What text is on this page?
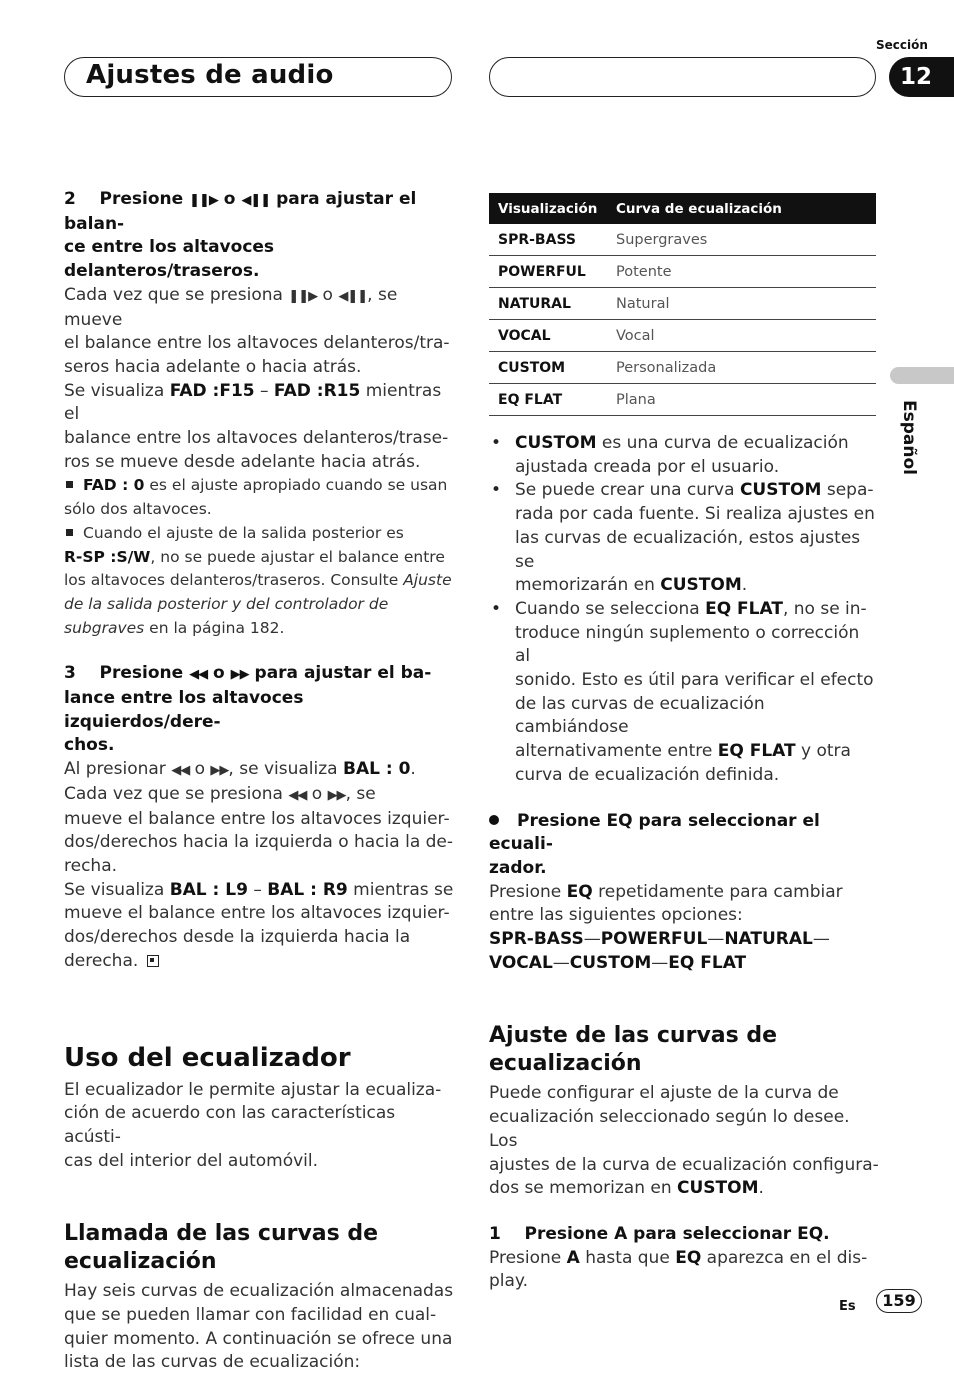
Sección
Ajustes de audio	12
Español
2    Presione ❚❚▶ o ◀❚❚ para ajustar el balan-
ce entre los altavoces delanteros/traseros.
Cada vez que se presiona ❚❚▶ o ◀❚❚, se mueve
el balance entre los altavoces delanteros/tra-
seros hacia adelante o hacia atrás.
Se visualiza FAD :F15 – FAD :R15 mientras el
balance entre los altavoces delanteros/trase-
ros se mueve desde adelante hacia atrás.
FAD : 0 es el ajuste apropiado cuando se usan
sólo dos altavoces.
Cuando el ajuste de la salida posterior es
R-SP :S/W, no se puede ajustar el balance entre
los altavoces delanteros/traseros. Consulte Ajuste
de la salida posterior y del controlador de
subgraves en la página 182.
3    Presione ◀◀ o ▶▶ para ajustar el ba-
lance entre los altavoces izquierdos/dere-
chos.
Al presionar ◀◀ o ▶▶, se visualiza BAL : 0.
Cada vez que se presiona ◀◀ o ▶▶, se
mueve el balance entre los altavoces izquier-
dos/derechos hacia la izquierda o hacia la de-
recha.
Se visualiza BAL : L9 – BAL : R9 mientras se
mueve el balance entre los altavoces izquier-
dos/derechos desde la izquierda hacia la
derecha.
Uso del ecualizador
El ecualizador le permite ajustar la ecualiza-
ción de acuerdo con las características acústi-
cas del interior del automóvil.
Llamada de las curvas de
ecualización
Hay seis curvas de ecualización almacenadas
que se pueden llamar con facilidad en cual-
quier momento. A continuación se ofrece una
lista de las curvas de ecualización:
Visualización	Curva de ecualización
SPR-BASS	Supergraves
POWERFUL	Potente
NATURAL	Natural
VOCAL	Vocal
CUSTOM	Personalizada
EQ FLAT	Plana
• CUSTOM es una curva de ecualización
ajustada creada por el usuario.
• Se puede crear una curva CUSTOM sepa-
rada por cada fuente. Si realiza ajustes en
las curvas de ecualización, estos ajustes se
memorizarán en CUSTOM.
• Cuando se selecciona EQ FLAT, no se in-
troduce ningún suplemento o corrección al
sonido. Esto es útil para verificar el efecto
de las curvas de ecualización cambiándose
alternativamente entre EQ FLAT y otra
curva de ecualización definida.
Presione EQ para seleccionar el ecuali-
zador.
Presione EQ repetidamente para cambiar
entre las siguientes opciones:
SPR-BASS—POWERFUL—NATURAL—
VOCAL—CUSTOM—EQ FLAT
Ajuste de las curvas de
ecualización
Puede configurar el ajuste de la curva de
ecualización seleccionado según lo desee. Los
ajustes de la curva de ecualización configura-
dos se memorizan en CUSTOM.
1 Presione A para seleccionar EQ.
Presione A hasta que EQ aparezca en el dis-
play.
Es	159
